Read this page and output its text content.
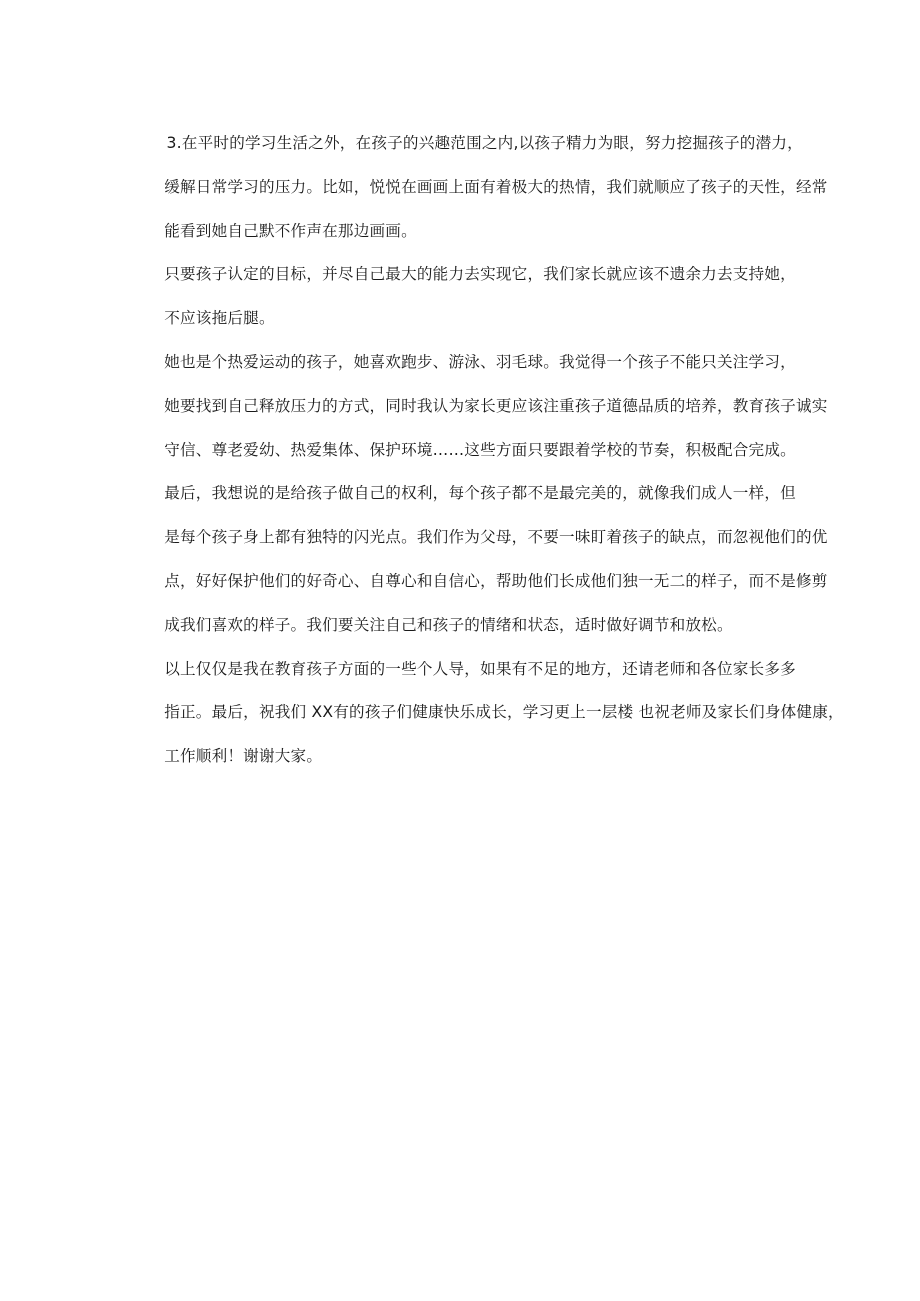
3.在平时的学习生活之外，在孩子的兴趣范围之内,以孩子精力为眼，努力挖掘孩子的潜力，
缓解日常学习的压力。比如，悦悦在画画上面有着极大的热情，我们就顺应了孩子的天性，经常
能看到她自己默不作声在那边画画。
只要孩子认定的目标，并尽自己最大的能力去实现它，我们家长就应该不遗余力去支持她，
不应该拖后腿。
她也是个热爱运动的孩子，她喜欢跑步、游泳、羽毛球。我觉得一个孩子不能只关注学习，
她要找到自己释放压力的方式，同时我认为家长更应该注重孩子道德品质的培养，教育孩子诚实
守信、尊老爱幼、热爱集体、保护环境……这些方面只要跟着学校的节奏，积极配合完成。
最后，我想说的是给孩子做自己的权利，每个孩子都不是最完美的，就像我们成人一样，但
是每个孩子身上都有独特的闪光点。我们作为父母，不要一味盯着孩子的缺点，而忽视他们的优
点，好好保护他们的好奇心、自尊心和自信心，帮助他们长成他们独一无二的样子，而不是修剪
成我们喜欢的样子。我们要关注自己和孩子的情绪和状态，适时做好调节和放松。
以上仅仅是我在教育孩子方面的一些个人导，如果有不足的地方，还请老师和各位家长多多
指正。最后，祝我们 XX有的孩子们健康快乐成长，学习更上一层楼 也祝老师及家长们身体健康，
工作顺利！谢谢大家。
